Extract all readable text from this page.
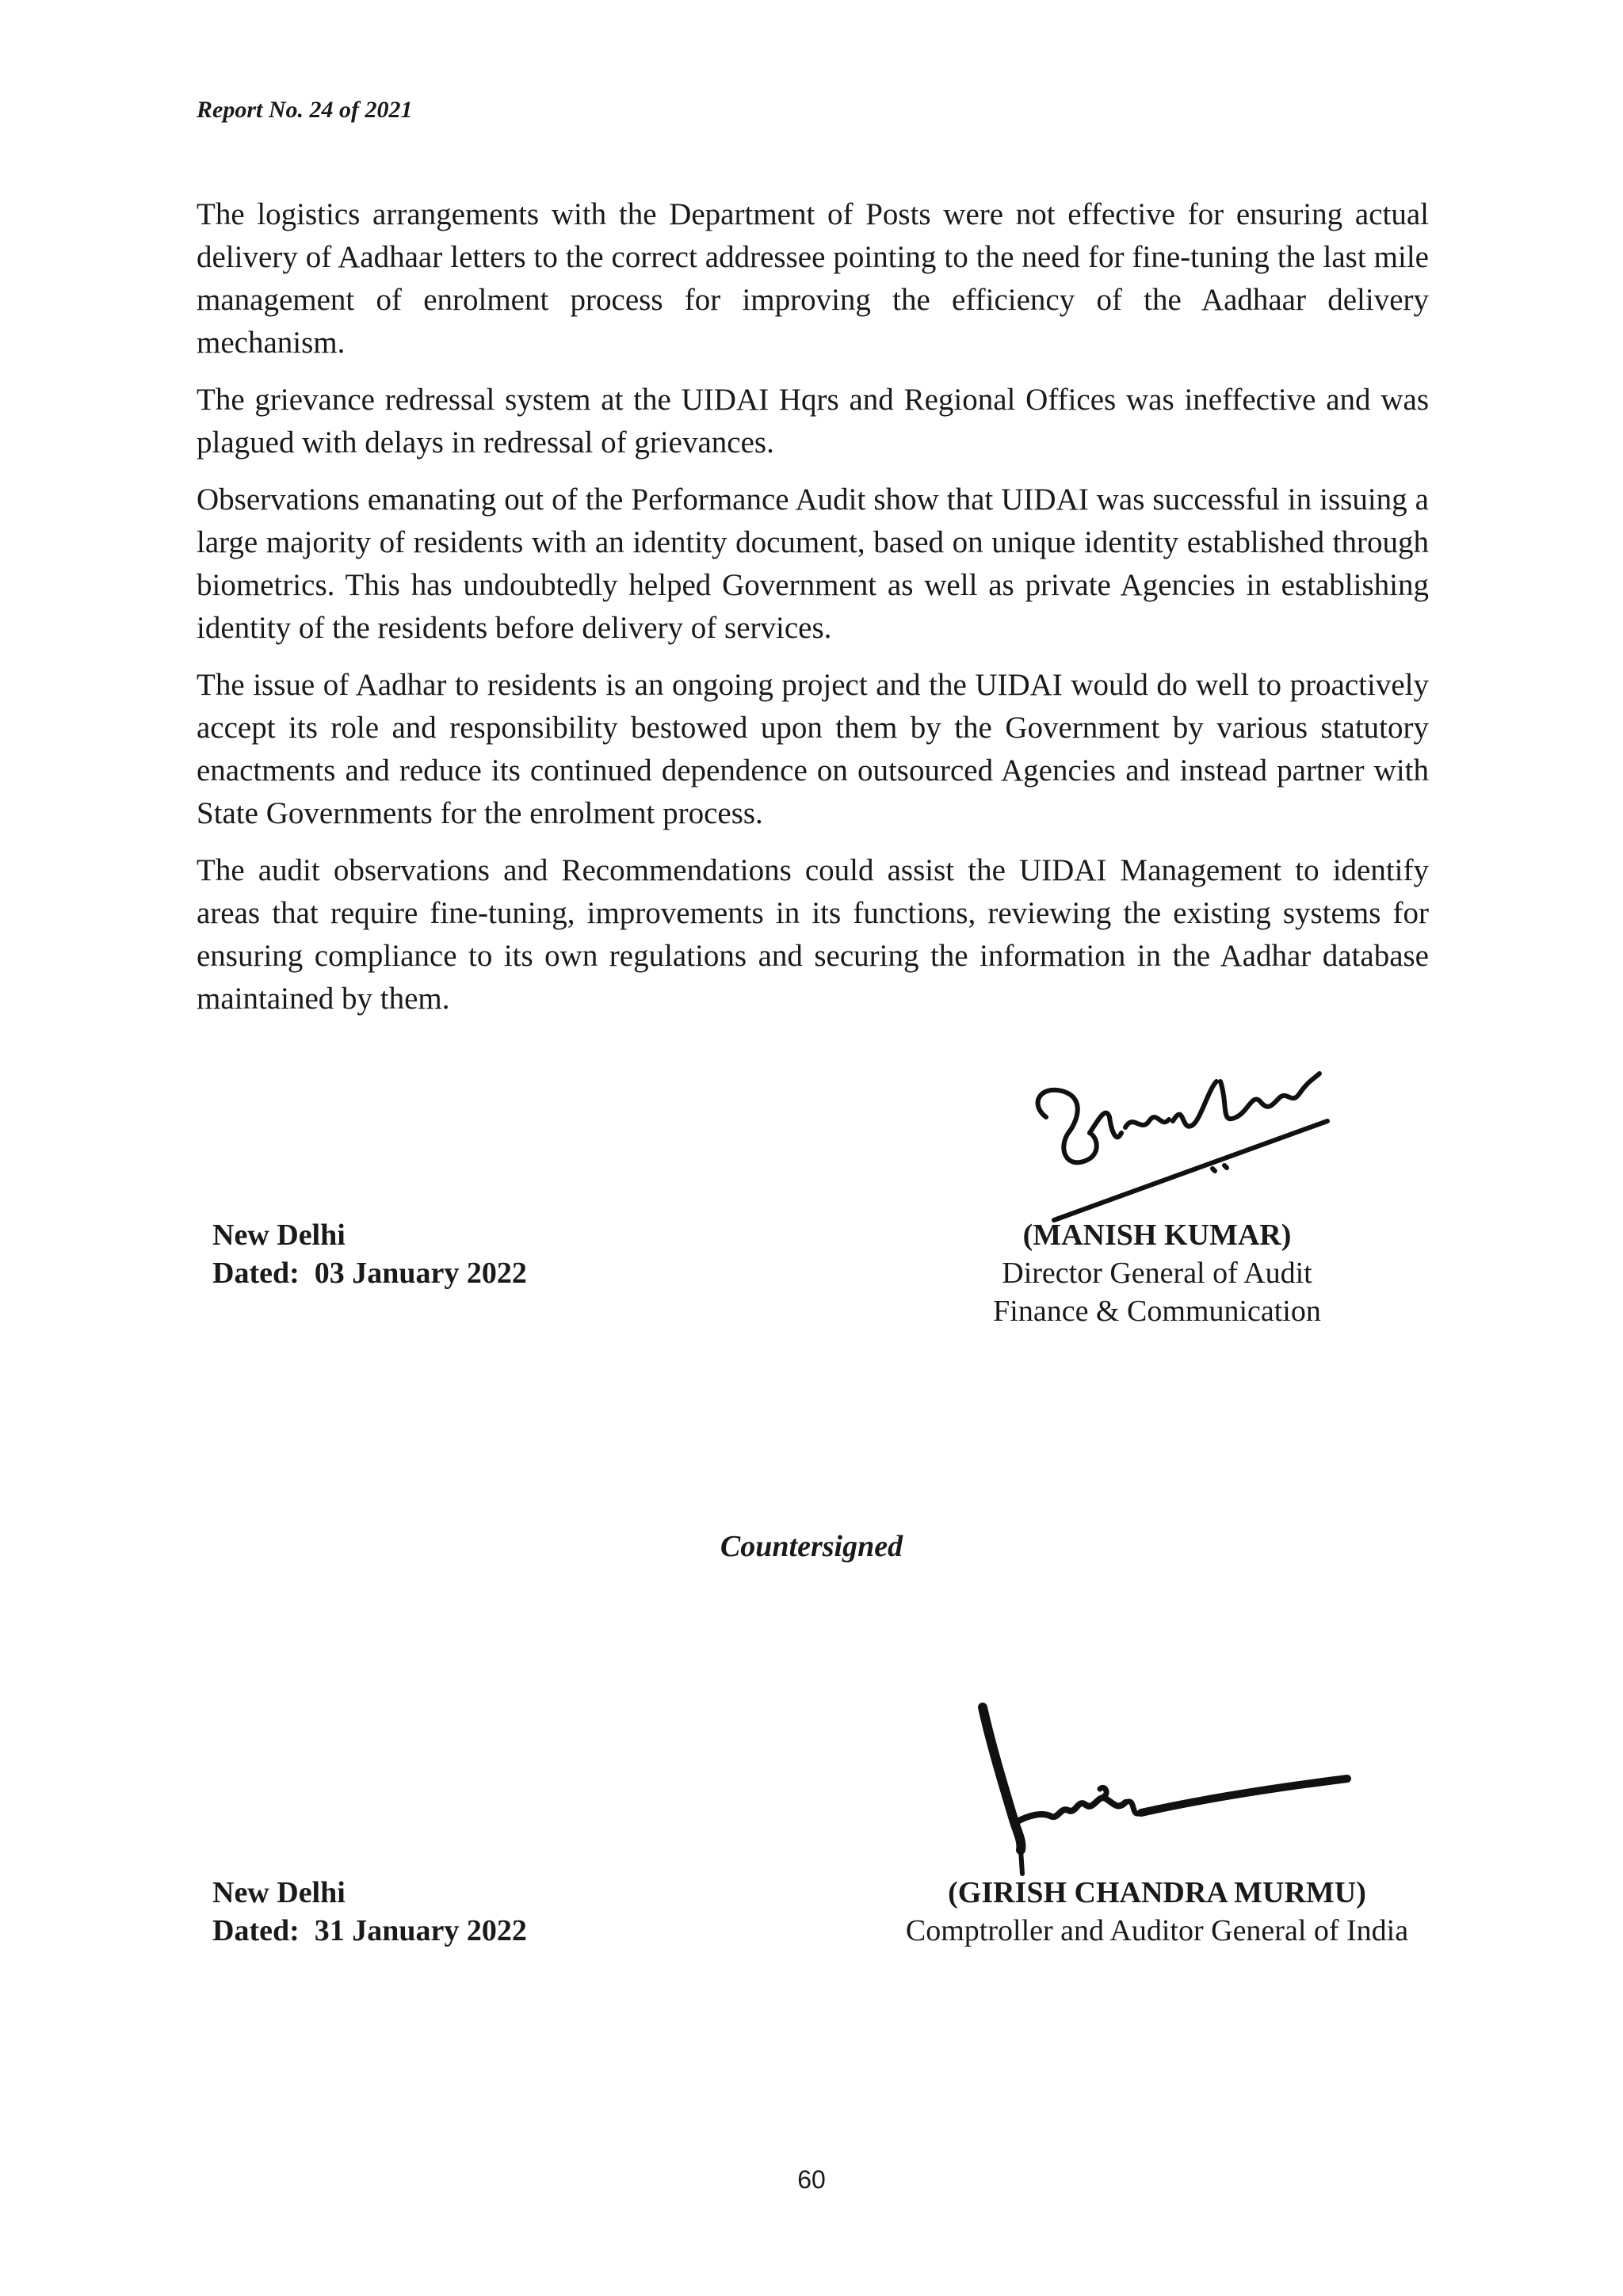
Report No. 24 of 2021

The logistics arrangements with the Department of Posts were not effective for ensuring actual delivery of Aadhaar letters to the correct addressee pointing to the need for fine-tuning the last mile management of enrolment process for improving the efficiency of the Aadhaar delivery mechanism.

The grievance redressal system at the UIDAI Hqrs and Regional Offices was ineffective and was plagued with delays in redressal of grievances.

Observations emanating out of the Performance Audit show that UIDAI was successful in issuing a large majority of residents with an identity document, based on unique identity established through biometrics. This has undoubtedly helped Government as well as private Agencies in establishing identity of the residents before delivery of services.

The issue of Aadhar to residents is an ongoing project and the UIDAI would do well to proactively accept its role and responsibility bestowed upon them by the Government by various statutory enactments and reduce its continued dependence on outsourced Agencies and instead partner with State Governments for the enrolment process.

The audit observations and Recommendations could assist the UIDAI Management to identify areas that require fine-tuning, improvements in its functions, reviewing the existing systems for ensuring compliance to its own regulations and securing the information in the Aadhar database maintained by them.

New Delhi
Dated: 03 January 2022
(MANISH KUMAR)
Director General of Audit
Finance & Communication
Countersigned
New Delhi
Dated: 31 January 2022
(GIRISH CHANDRA MURMU)
Comptroller and Auditor General of India
60
